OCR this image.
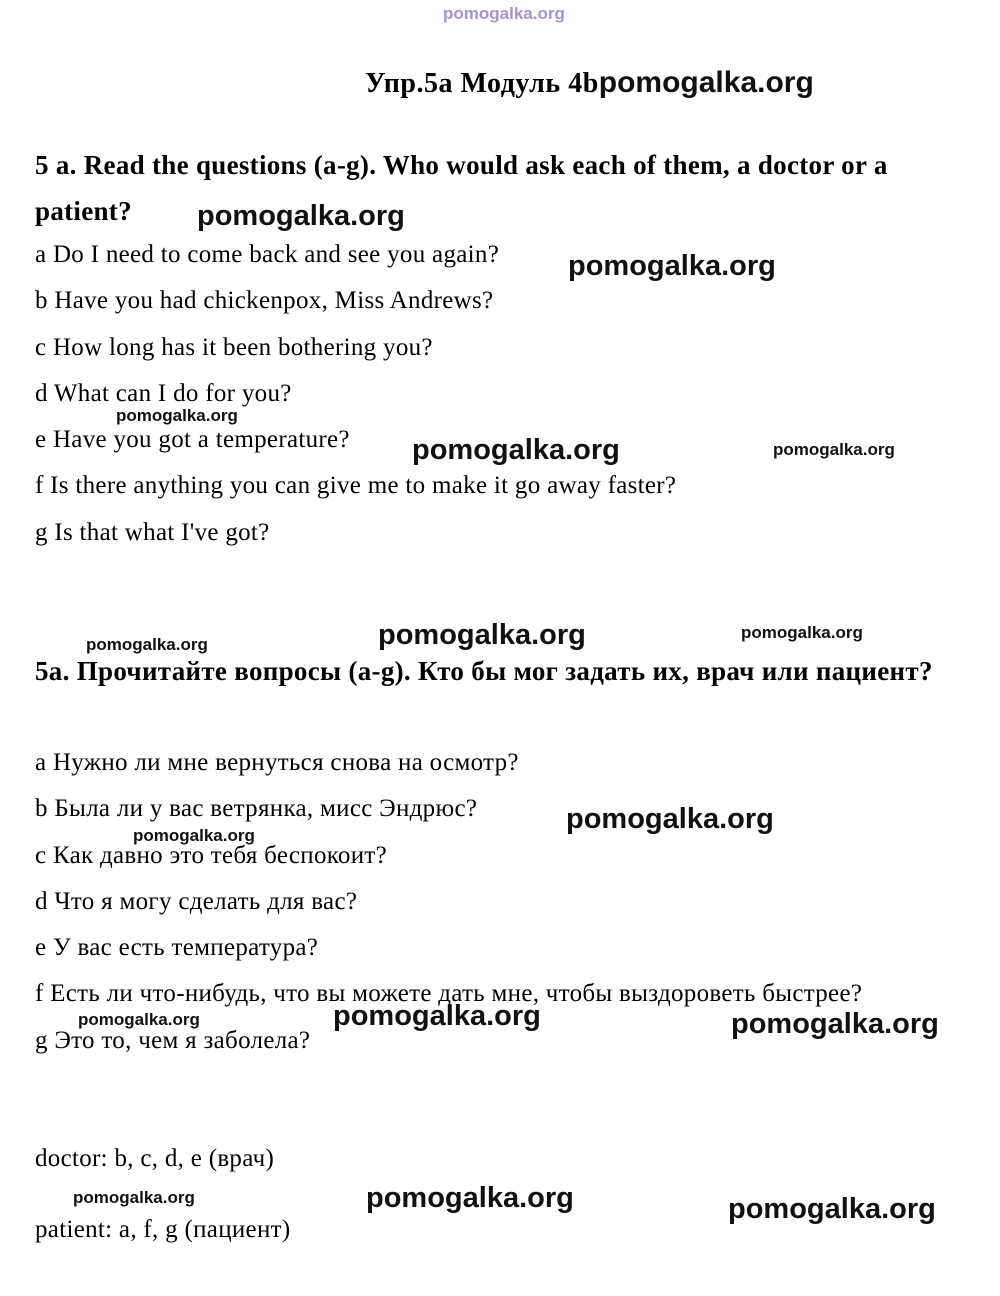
pomogalka.org
Упр.5а Модуль 4b pomogalka.org
5 a. Read the questions (a-g). Who would ask each of them, a doctor or a patient?
a Do I need to come back and see you again?
b Have you had chickenpox, Miss Andrews?
c How long has it been bothering you?
d What can I do for you?
e Have you got a temperature?
f Is there anything you can give me to make it go away faster?
g Is that what I've got?
5а. Прочитайте вопросы (a-g). Кто бы мог задать их, врач или пациент?
a Нужно ли мне вернуться снова на осмотр?
b Была ли у вас ветрянка, мисс Эндрюс?
c Как давно это тебя беспокоит?
d Что я могу сделать для вас?
e У вас есть температура?
f Есть ли что-нибудь, что вы можете дать мне, чтобы выздороветь быстрее?
g Это то, чем я заболела?
doctor: b, c, d, e (врач)
patient: a, f, g (пациент)
pomogalka.org
pomogalka.org
pomogalka.org
pomogalka.org	pomogalka.org
pomogalka.org	pomogalka.org	pomogalka.org
pomogalka.org
pomogalka.org
pomogalka.org	pomogalka.org	pomogalka.org
pomogalka.org	pomogalka.org	pomogalka.org
